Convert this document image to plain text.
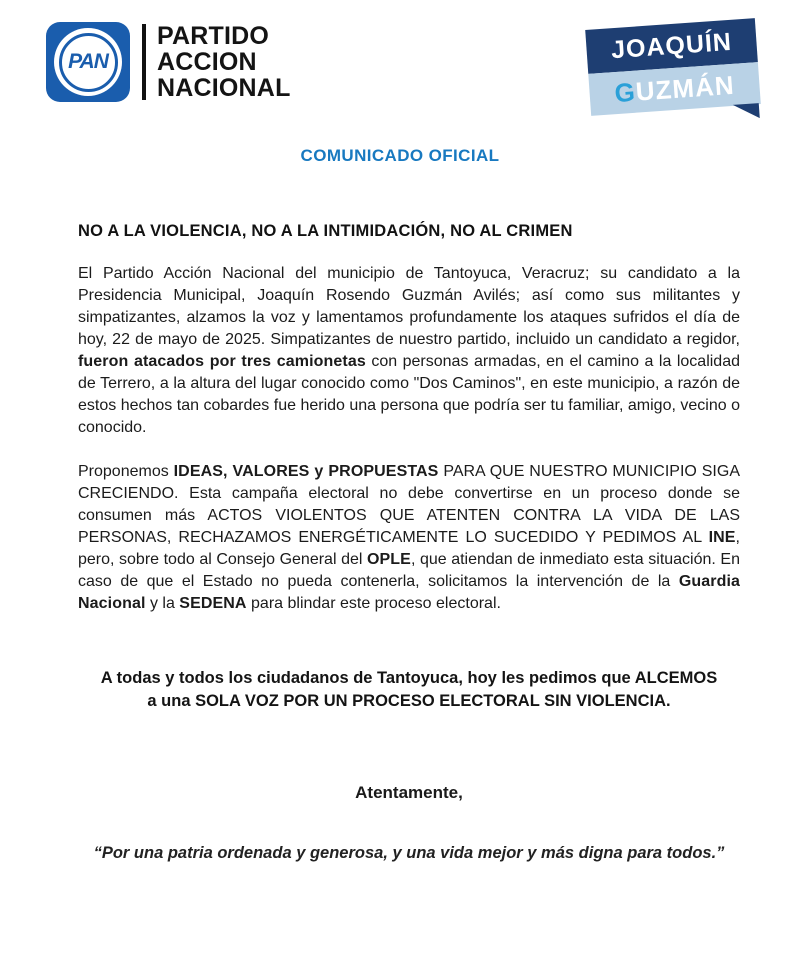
PAN
PARTIDO
ACCION
NACIONAL
JOAQUÍN
GUZMÁN
COMUNICADO OFICIAL
NO A LA VIOLENCIA, NO A LA INTIMIDACIÓN, NO AL CRIMEN

El Partido Acción Nacional del municipio de Tantoyuca, Veracruz; su candidato a la Presidencia Municipal, Joaquín Rosendo Guzmán Avilés; así como sus militantes y simpatizantes, alzamos la voz y lamentamos profundamente los ataques sufridos el día de hoy, 22 de mayo de 2025. Simpatizantes de nuestro partido, incluido un candidato a regidor, fueron atacados por tres camionetas con personas armadas, en el camino a la localidad de Terrero, a la altura del lugar conocido como "Dos Caminos", en este municipio, a razón de estos hechos tan cobardes fue herido una persona que podría ser tu familiar, amigo, vecino o conocido.

Proponemos IDEAS, VALORES y PROPUESTAS PARA QUE NUESTRO MUNICIPIO SIGA CRECIENDO. Esta campaña electoral no debe convertirse en un proceso donde se consumen más ACTOS VIOLENTOS QUE ATENTEN CONTRA LA VIDA DE LAS PERSONAS, RECHAZAMOS ENERGÉTICAMENTE LO SUCEDIDO Y PEDIMOS AL INE, pero, sobre todo al Consejo General del OPLE, que atiendan de inmediato esta situación. En caso de que el Estado no pueda contenerla, solicitamos la intervención de la Guardia Nacional y la SEDENA para blindar este proceso electoral.

A todas y todos los ciudadanos de Tantoyuca, hoy les pedimos que ALCEMOS a una SOLA VOZ POR UN PROCESO ELECTORAL SIN VIOLENCIA.

Atentamente,

“Por una patria ordenada y generosa, y una vida mejor y más digna para todos.”
